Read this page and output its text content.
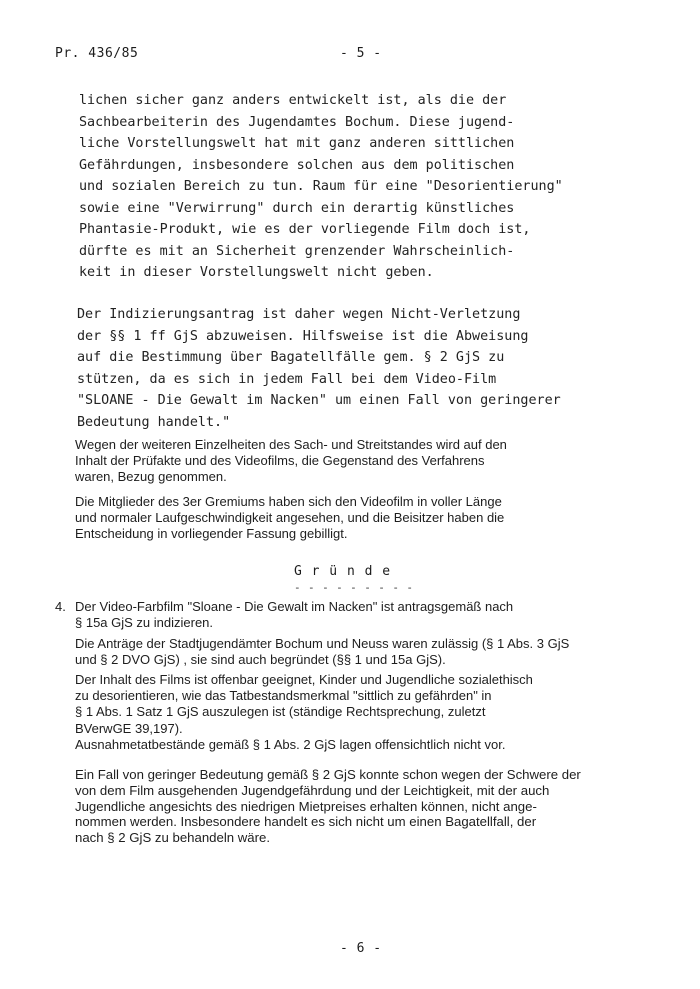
Pr. 436/85	- 5 -
lichen sicher ganz anders entwickelt ist, als die der
Sachbearbeiterin des Jugendamtes Bochum. Diese jugend-
liche Vorstellungswelt hat mit ganz anderen sittlichen
Gefährdungen, insbesondere solchen aus dem politischen
und sozialen Bereich zu tun. Raum für eine "Desorientierung"
sowie eine "Verwirrung" durch ein derartig künstliches
Phantasie-Produkt, wie es der vorliegende Film doch ist,
dürfte es mit an Sicherheit grenzender Wahrscheinlich-
keit in dieser Vorstellungswelt nicht geben.
Der Indizierungsantrag ist daher wegen Nicht-Verletzung
der §§ 1 ff GjS abzuweisen. Hilfsweise ist die Abweisung
auf die Bestimmung über Bagatellfälle gem. § 2 GjS zu
stützen, da es sich in jedem Fall bei dem Video-Film
"SLOANE - Die Gewalt im Nacken" um einen Fall von geringerer
Bedeutung handelt."
Wegen der weiteren Einzelheiten des Sach- und Streitstandes wird auf den
Inhalt der Prüfakte und des Videofilms, die Gegenstand des Verfahrens
waren, Bezug genommen.
Die Mitglieder des 3er Gremiums haben sich den Videofilm in voller Länge
und normaler Laufgeschwindigkeit angesehen, und die Beisitzer haben die
Entscheidung in vorliegender Fassung gebilligt.
G r ü n d e
- - - - - - - - -
4. Der Video-Farbfilm "Sloane - Die Gewalt im Nacken" ist antragsgemäß nach
§ 15a GjS zu indizieren.
Die Anträge der Stadtjugendämter Bochum und Neuss waren zulässig (§ 1 Abs. 3 GjS
und § 2 DVO GjS) , sie sind auch begründet (§§ 1 und 15a GjS).
Der Inhalt des Films ist offenbar geeignet, Kinder und Jugendliche sozialethisch
zu desorientieren, wie das Tatbestandsmerkmal "sittlich zu gefährden" in
§ 1 Abs. 1 Satz 1 GjS auszulegen ist (ständige Rechtsprechung, zuletzt
BVerwGE 39,197).
Ausnahmetatbestände gemäß § 1 Abs. 2 GjS lagen offensichtlich nicht vor.
Ein Fall von geringer Bedeutung gemäß § 2 GjS konnte schon wegen der Schwere der
von dem Film ausgehenden Jugendgefährdung und der Leichtigkeit, mit der auch
Jugendliche angesichts des niedrigen Mietpreises erhalten können, nicht ange-
nommen werden. Insbesondere handelt es sich nicht um einen Bagatellfall, der
nach § 2 GjS zu behandeln wäre.
- 6 -
